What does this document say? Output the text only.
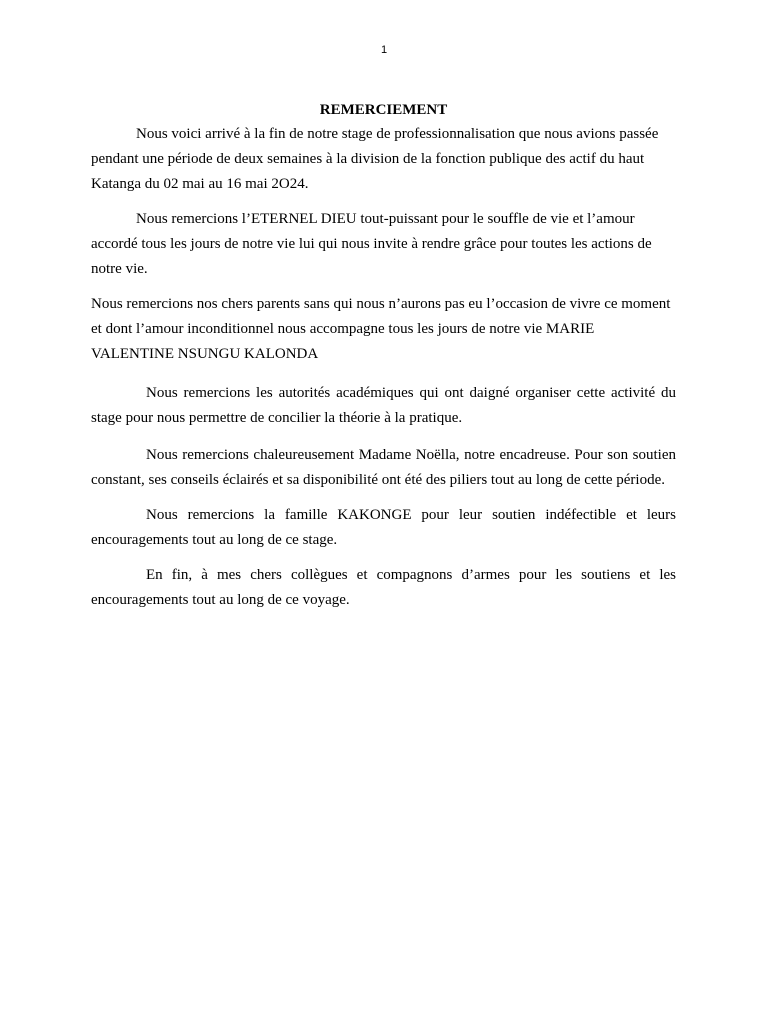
1

REMERCIEMENT

Nous voici arrivé à la fin de notre stage de professionnalisation que nous avions passée pendant une période de deux semaines à la division de la fonction publique des actif du haut Katanga du 02 mai au 16 mai 2O24.

Nous remercions l’ETERNEL DIEU tout-puissant pour le souffle de vie et l’amour accordé tous les jours de notre vie lui qui nous invite à rendre grâce pour toutes les actions de notre vie.

Nous remercions nos chers parents sans qui nous n’aurons pas eu l’occasion de vivre ce moment et dont l’amour inconditionnel nous accompagne tous les jours de notre vie MARIE VALENTINE NSUNGU KALONDA

Nous remercions les autorités académiques qui ont daigné organiser cette activité du stage pour nous permettre de concilier la théorie à la pratique.

Nous remercions chaleureusement Madame Noëlla, notre encadreuse. Pour son soutien constant, ses conseils éclairés et sa disponibilité ont été des piliers tout au long de cette période.

Nous remercions la famille KAKONGE pour leur soutien indéfectible et leurs encouragements tout au long de ce stage.

En fin, à mes chers collègues et compagnons d’armes pour les soutiens et les encouragements tout au long de ce voyage.
